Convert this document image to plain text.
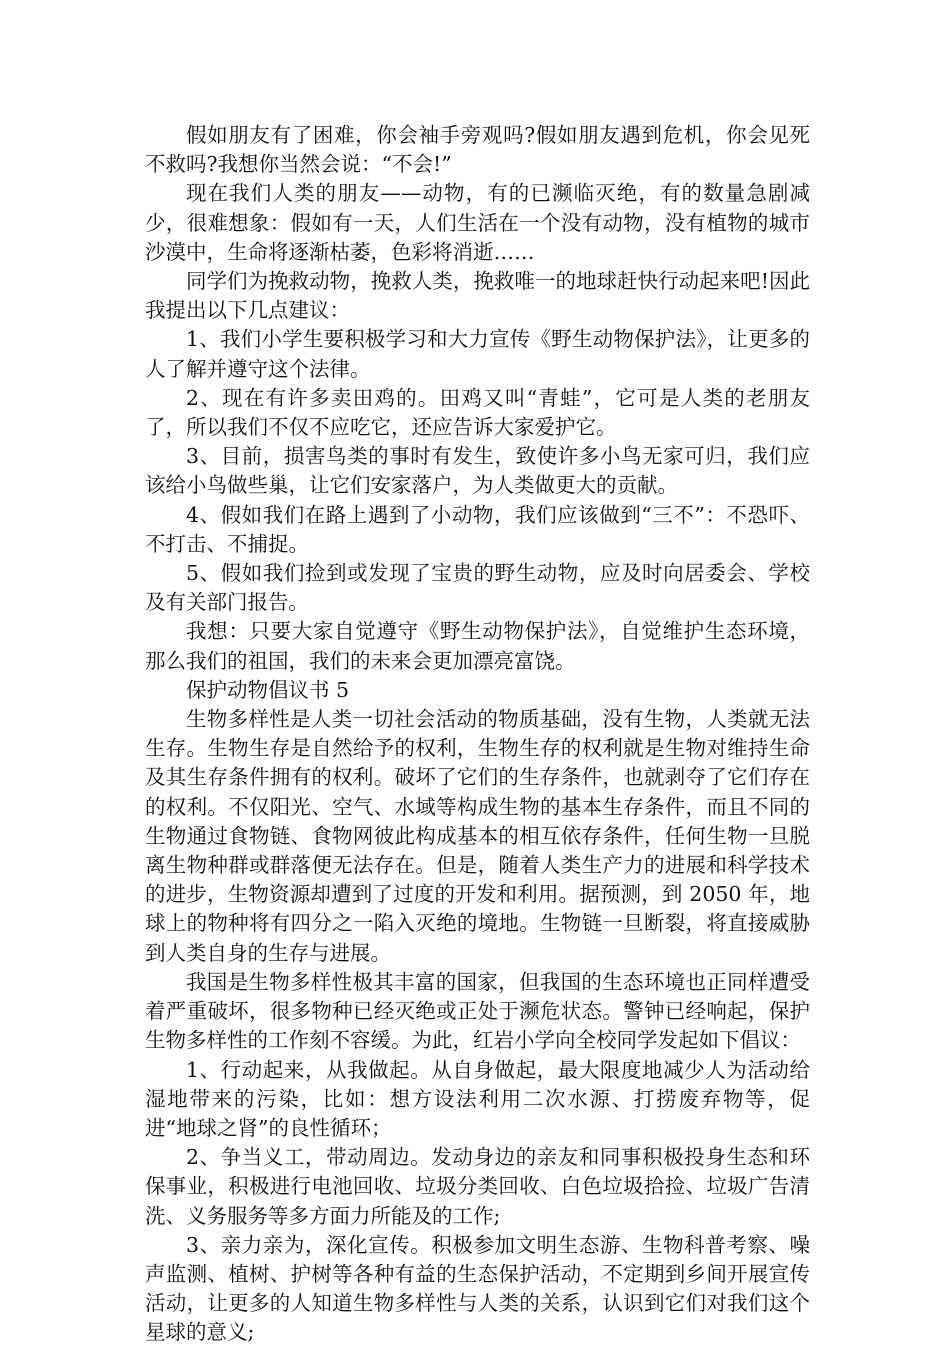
假如朋友有了困难，你会袖手旁观吗?假如朋友遇到危机，你会见死不救吗?我想你当然会说：“不会!”

现在我们人类的朋友——动物，有的已濒临灭绝，有的数量急剧减少，很难想象：假如有一天，人们生活在一个没有动物，没有植物的城市沙漠中，生命将逐渐枯萎，色彩将消逝……

同学们为挽救动物，挽救人类，挽救唯一的地球赶快行动起来吧!因此我提出以下几点建议：

1、我们小学生要积极学习和大力宣传《野生动物保护法》，让更多的人了解并遵守这个法律。

2、现在有许多卖田鸡的。田鸡又叫“青蛙”，它可是人类的老朋友了，所以我们不仅不应吃它，还应告诉大家爱护它。

3、目前，损害鸟类的事时有发生，致使许多小鸟无家可归，我们应该给小鸟做些巢，让它们安家落户，为人类做更大的贡献。

4、假如我们在路上遇到了小动物，我们应该做到“三不”：不恐吓、不打击、不捕捉。

5、假如我们捡到或发现了宝贵的野生动物，应及时向居委会、学校及有关部门报告。

我想：只要大家自觉遵守《野生动物保护法》，自觉维护生态环境，那么我们的祖国，我们的未来会更加漂亮富饶。

保护动物倡议书 5

生物多样性是人类一切社会活动的物质基础，没有生物，人类就无法生存。生物生存是自然给予的权利，生物生存的权利就是生物对维持生命及其生存条件拥有的权利。破坏了它们的生存条件，也就剥夺了它们存在的权利。不仅阳光、空气、水域等构成生物的基本生存条件，而且不同的生物通过食物链、食物网彼此构成基本的相互依存条件，任何生物一旦脱离生物种群或群落便无法存在。但是，随着人类生产力的进展和科学技术的进步，生物资源却遭到了过度的开发和利用。据预测，到 2050 年，地球上的物种将有四分之一陷入灭绝的境地。生物链一旦断裂，将直接威胁到人类自身的生存与进展。

我国是生物多样性极其丰富的国家，但我国的生态环境也正同样遭受着严重破坏，很多物种已经灭绝或正处于濒危状态。警钟已经响起，保护生物多样性的工作刻不容缓。为此，红岩小学向全校同学发起如下倡议：

1、行动起来，从我做起。从自身做起，最大限度地减少人为活动给湿地带来的污染，比如：想方设法利用二次水源、打捞废弃物等，促进“地球之肾”的良性循环；

2、争当义工，带动周边。发动身边的亲友和同事积极投身生态和环保事业，积极进行电池回收、垃圾分类回收、白色垃圾拾捡、垃圾广告清洗、义务服务等多方面力所能及的工作;

3、亲力亲为，深化宣传。积极参加文明生态游、生物科普考察、噪声监测、植树、护树等各种有益的生态保护活动，不定期到乡间开展宣传活动，让更多的人知道生物多样性与人类的关系，认识到它们对我们这个星球的意义;
